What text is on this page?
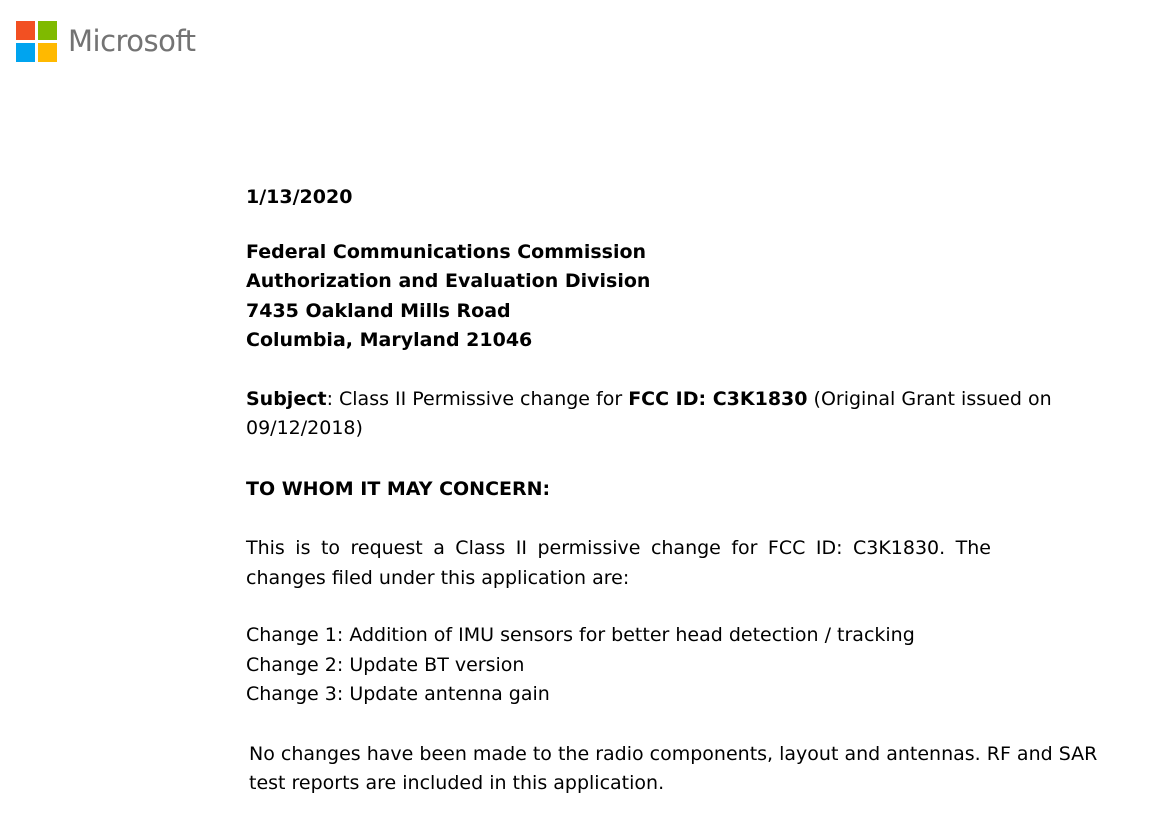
Microsoft

1/13/2020

Federal Communications Commission
Authorization and Evaluation Division
7435 Oakland Mills Road
Columbia, Maryland 21046

Subject: Class II Permissive change for FCC ID: C3K1830 (Original Grant issued on 09/12/2018)

TO WHOM IT MAY CONCERN:

This is to request a Class II permissive change for FCC ID: C3K1830. The changes filed under this application are:

Change 1: Addition of IMU sensors for better head detection / tracking
Change 2: Update BT version
Change 3: Update antenna gain

No changes have been made to the radio components, layout and antennas. RF and SAR test reports are included in this application.
